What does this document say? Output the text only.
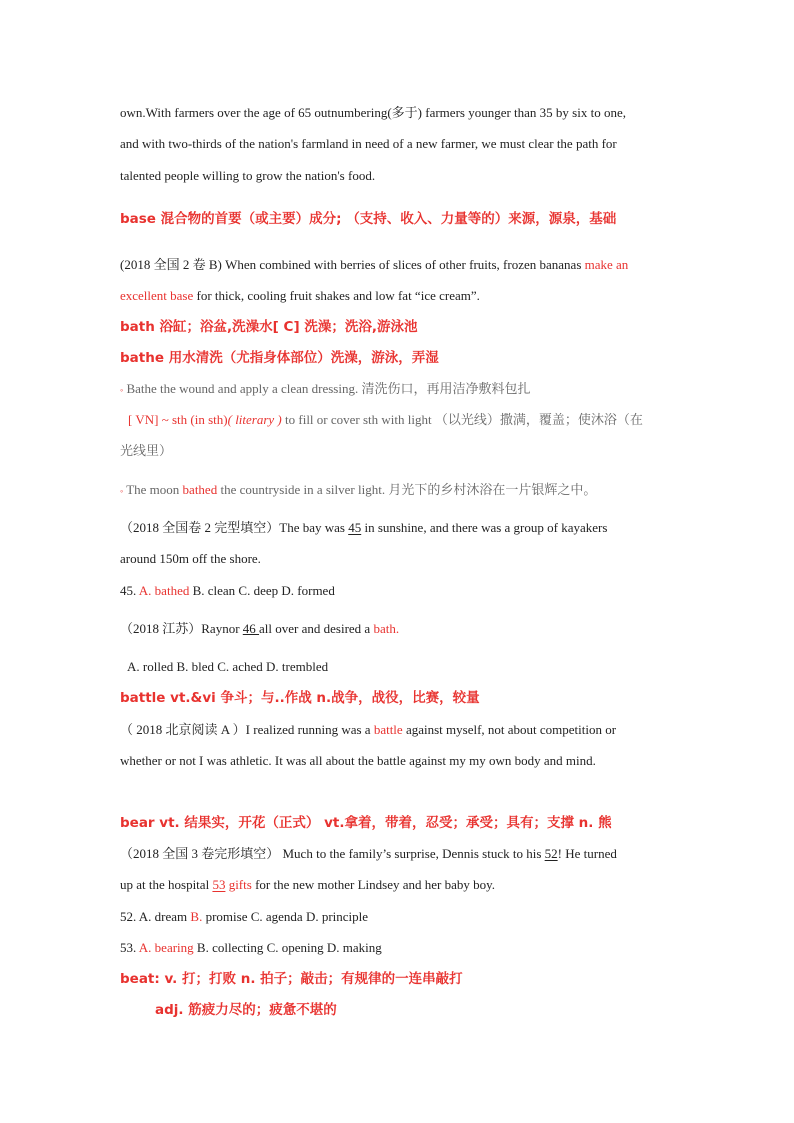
own.With farmers over the age of 65 outnumbering(多于) farmers younger than 35 by six to one,
and with two-thirds of the nation's farmland in need of a new farmer, we must clear the path for
talented people willing to grow the nation's food.
base 混合物的首要（或主要）成分; （支持、收入、力量等的）来源，源泉，基础
(2018 全国 2 卷 B) When combined with berries of slices of other fruits, frozen bananas make an
excellent base for thick, cooling fruit shakes and low fat “ice cream”.
bath 浴缸；浴盆,洗澡水[ C] 洗澡；洗浴,游泳池
bathe 用水清洗（尤指身体部位）洗澡，游泳，弄湿
◦ Bathe the wound and apply a clean dressing. 清洗伤口，再用洁净敷料包扎
[ VN] ~ sth (in sth)( literary ) to fill or cover sth with light （以光线）撒满，覆盖；使沐浴（在
光线里）
◦ The moon bathed the countryside in a silver light. 月光下的乡村沐浴在一片银辉之中。
（2018 全国卷 2 完型填空）The bay was 45 in sunshine, and there was a group of kayakers
around 150m off the shore.
45. A. bathed B. clean C. deep D. formed
（2018 江苏）Raynor 46 all over and desired a bath.
A. rolled B. bled C. ached D. trembled
battle vt.&vi 争斗；与..作战 n.战争，战役，比赛，较量
（ 2018 北京阅读 A ）I realized running was a battle against myself, not about competition or
whether or not I was athletic. It was all about the battle against my my own body and mind.
bear vt. 结果实，开花（正式） vt.拿着，带着，忍受；承受；具有；支撑 n. 熊
（2018 全国 3 卷完形填空） Much to the family’s surprise, Dennis stuck to his 52! He turned
up at the hospital 53 gifts for the new mother Lindsey and her baby boy.
52. A. dream B. promise C. agenda D. principle
53. A. bearing B. collecting C. opening D. making
beat: v. 打；打败 n. 拍子；敲击；有规律的一连串敲打
adj. 筋疲力尽的；疲惫不堪的
